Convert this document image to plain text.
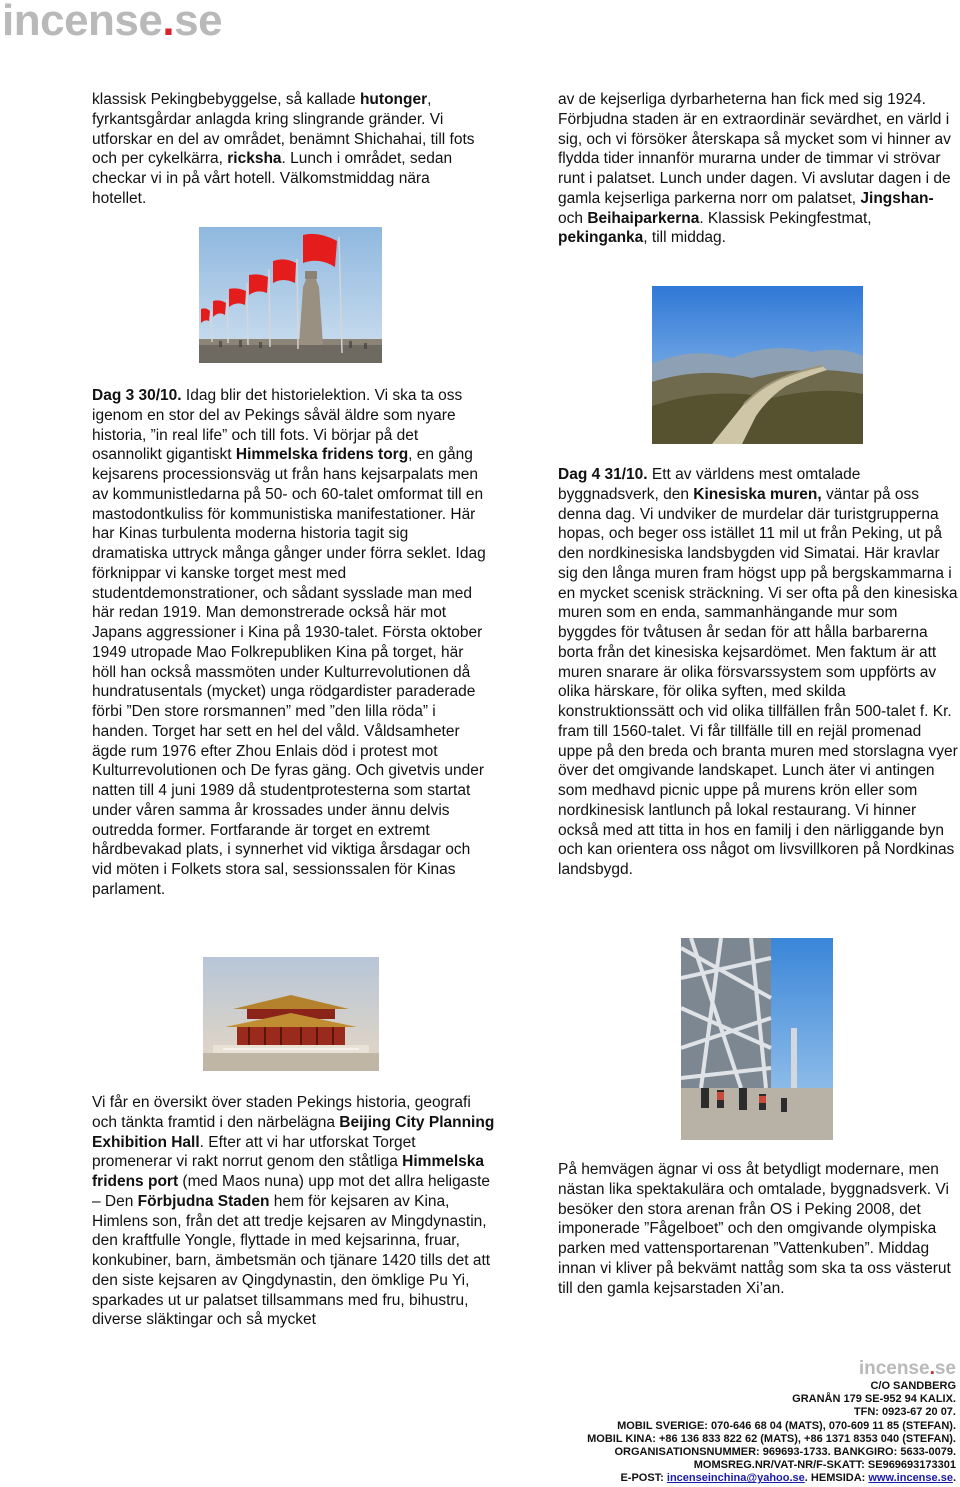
incense.se
klassisk Pekingbebyggelse, så kallade hutonger, fyrkantsgårdar anlagda kring slingrande gränder. Vi utforskar en del av området, benämnt Shichahai, till fots och per cykelkärra, ricksha. Lunch i området, sedan checkar vi in på vårt hotell. Välkomstmiddag nära hotellet.
av de kejserliga dyrbarheterna han fick med sig 1924. Förbjudna staden är en extraordinär sevärdhet, en värld i sig, och vi försöker återskapa så mycket som vi hinner av flydda tider innanför murarna under de timmar vi strövar runt i palatset. Lunch under dagen. Vi avslutar dagen i de gamla kejserliga parkerna norr om palatset, Jingshan- och Beihaiparkerna. Klassisk Pekingfestmat, pekinganka, till middag.
Dag 3 30/10. Idag blir det historielektion. Vi ska ta oss igenom en stor del av Pekings såväl äldre som nyare historia, ”in real life” och till fots. Vi börjar på det osannolikt gigantiskt Himmelska fridens torg, en gång kejsarens processionsväg ut från hans kejsarpalats men av kommunistledarna på 50- och 60-talet omformat till en mastodontkuliss för kommunistiska manifestationer. Här har Kinas turbulenta moderna historia tagit sig dramatiska uttryck många gånger under förra seklet. Idag förknippar vi kanske torget mest med studentdemonstrationer, och sådant sysslade man med här redan 1919. Man demonstrerade också här mot Japans aggressioner i Kina på 1930-talet. Första oktober 1949 utropade Mao Folkrepubliken Kina på torget, här höll han också massmöten under Kulturrevolutionen då hundratusentals (mycket) unga rödgardister paraderade förbi ”Den store rorsmannen” med ”den lilla röda” i handen. Torget har sett en hel del våld. Våldsamheter ägde rum 1976 efter Zhou Enlais död i protest mot Kulturrevolutionen och De fyras gäng. Och givetvis under natten till 4 juni 1989 då studentprotesterna som startat under våren samma år krossades under ännu delvis outredda former. Fortfarande är torget en extremt hårdbevakad plats, i synnerhet vid viktiga årsdagar och vid möten i Folkets stora sal, sessionssalen för Kinas parlament.
Dag 4 31/10. Ett av världens mest omtalade byggnadsverk, den Kinesiska muren, väntar på oss denna dag. Vi undviker de murdelar där turistgrupperna hopas, och beger oss istället 11 mil ut från Peking, ut på den nordkinesiska landsbygden vid Simatai. Här kravlar sig den långa muren fram högst upp på bergskammarna i en mycket scenisk sträckning. Vi ser ofta på den kinesiska muren som en enda, sammanhängande mur som byggdes för tvåtusen år sedan för att hålla barbarerna borta från det kinesiska kejsardömet. Men faktum är att muren snarare är olika försvarssystem som uppförts av olika härskare, för olika syften, med skilda konstruktionssätt och vid olika tillfällen från 500-talet f. Kr. fram till 1560-talet. Vi får tillfälle till en rejäl promenad uppe på den breda och branta muren med storslagna vyer över det omgivande landskapet. Lunch äter vi antingen som medhavd picnic uppe på murens krön eller som nordkinesisk lantlunch på lokal restaurang. Vi hinner också med att titta in hos en familj i den närliggande byn och kan orientera oss något om livsvillkoren på Nordkinas landsbygd.
Vi får en översikt över staden Pekings historia, geografi och tänkta framtid i den närbelägna Beijing City Planning Exhibition Hall. Efter att vi har utforskat Torget promenerar vi rakt norrut genom den ståtliga Himmelska fridens port (med Maos nuna) upp mot det allra heligaste – Den Förbjudna Staden hem för kejsaren av Kina, Himlens son, från det att tredje kejsaren av Mingdynastin, den kraftfulle Yongle, flyttade in med kejsarinna, fruar, konkubiner, barn, ämbetsmän och tjänare 1420 tills det att den siste kejsaren av Qingdynastin, den ömklige Pu Yi, sparkades ut ur palatset tillsammans med fru, bihustru, diverse släktingar och så mycket
På hemvägen ägnar vi oss åt betydligt modernare, men nästan lika spektakulära och omtalade, byggnadsverk. Vi besöker den stora arenan från OS i Peking 2008, det imponerade ”Fågelboet” och den omgivande olympiska parken med vattensportarenan ”Vattenkuben”. Middag innan vi kliver på bekvämt nattåg som ska ta oss västerut till den gamla kejsarstaden Xi’an.
incense.se
C/O SANDBERG
GRANÅN 179 SE-952 94 KALIX.
TFN: 0923-67 20 07.
MOBIL SVERIGE: 070-646 68 04 (MATS), 070-609 11 85 (STEFAN).
MOBIL KINA: +86 136 833 822 62 (MATS), +86 1371 8353 040 (STEFAN).
ORGANISATIONSNUMMER: 969693-1733. BANKGIRO: 5633-0079.
MOMSREG.NR/VAT-NR/F-SKATT: SE969693173301
E-POST: incenseinchina@yahoo.se. HEMSIDA: www.incense.se.
